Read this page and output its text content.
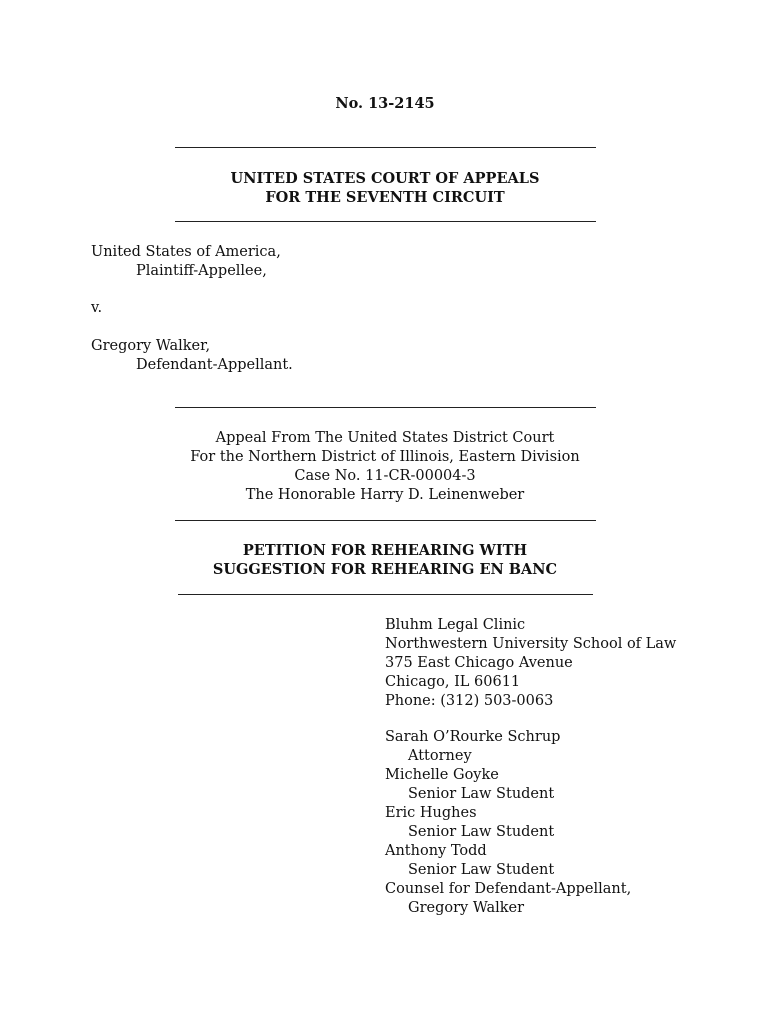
No. 13-2145
UNITED STATES COURT OF APPEALS
FOR THE SEVENTH CIRCUIT
United States of America,
Plaintiff-Appellee,
v.
Gregory Walker,
Defendant-Appellant.
Appeal From The United States District Court
For the Northern District of Illinois, Eastern Division
Case No. 11-CR-00004-3
The Honorable Harry D. Leinenweber
PETITION FOR REHEARING WITH
SUGGESTION FOR REHEARING EN BANC
Bluhm Legal Clinic
Northwestern University School of Law
375 East Chicago Avenue
Chicago, IL 60611
Phone: (312) 503-0063
Sarah O’Rourke Schrup
Attorney
Michelle Goyke
Senior Law Student
Eric Hughes
Senior Law Student
Anthony Todd
Senior Law Student
Counsel for Defendant-Appellant,
Gregory Walker
